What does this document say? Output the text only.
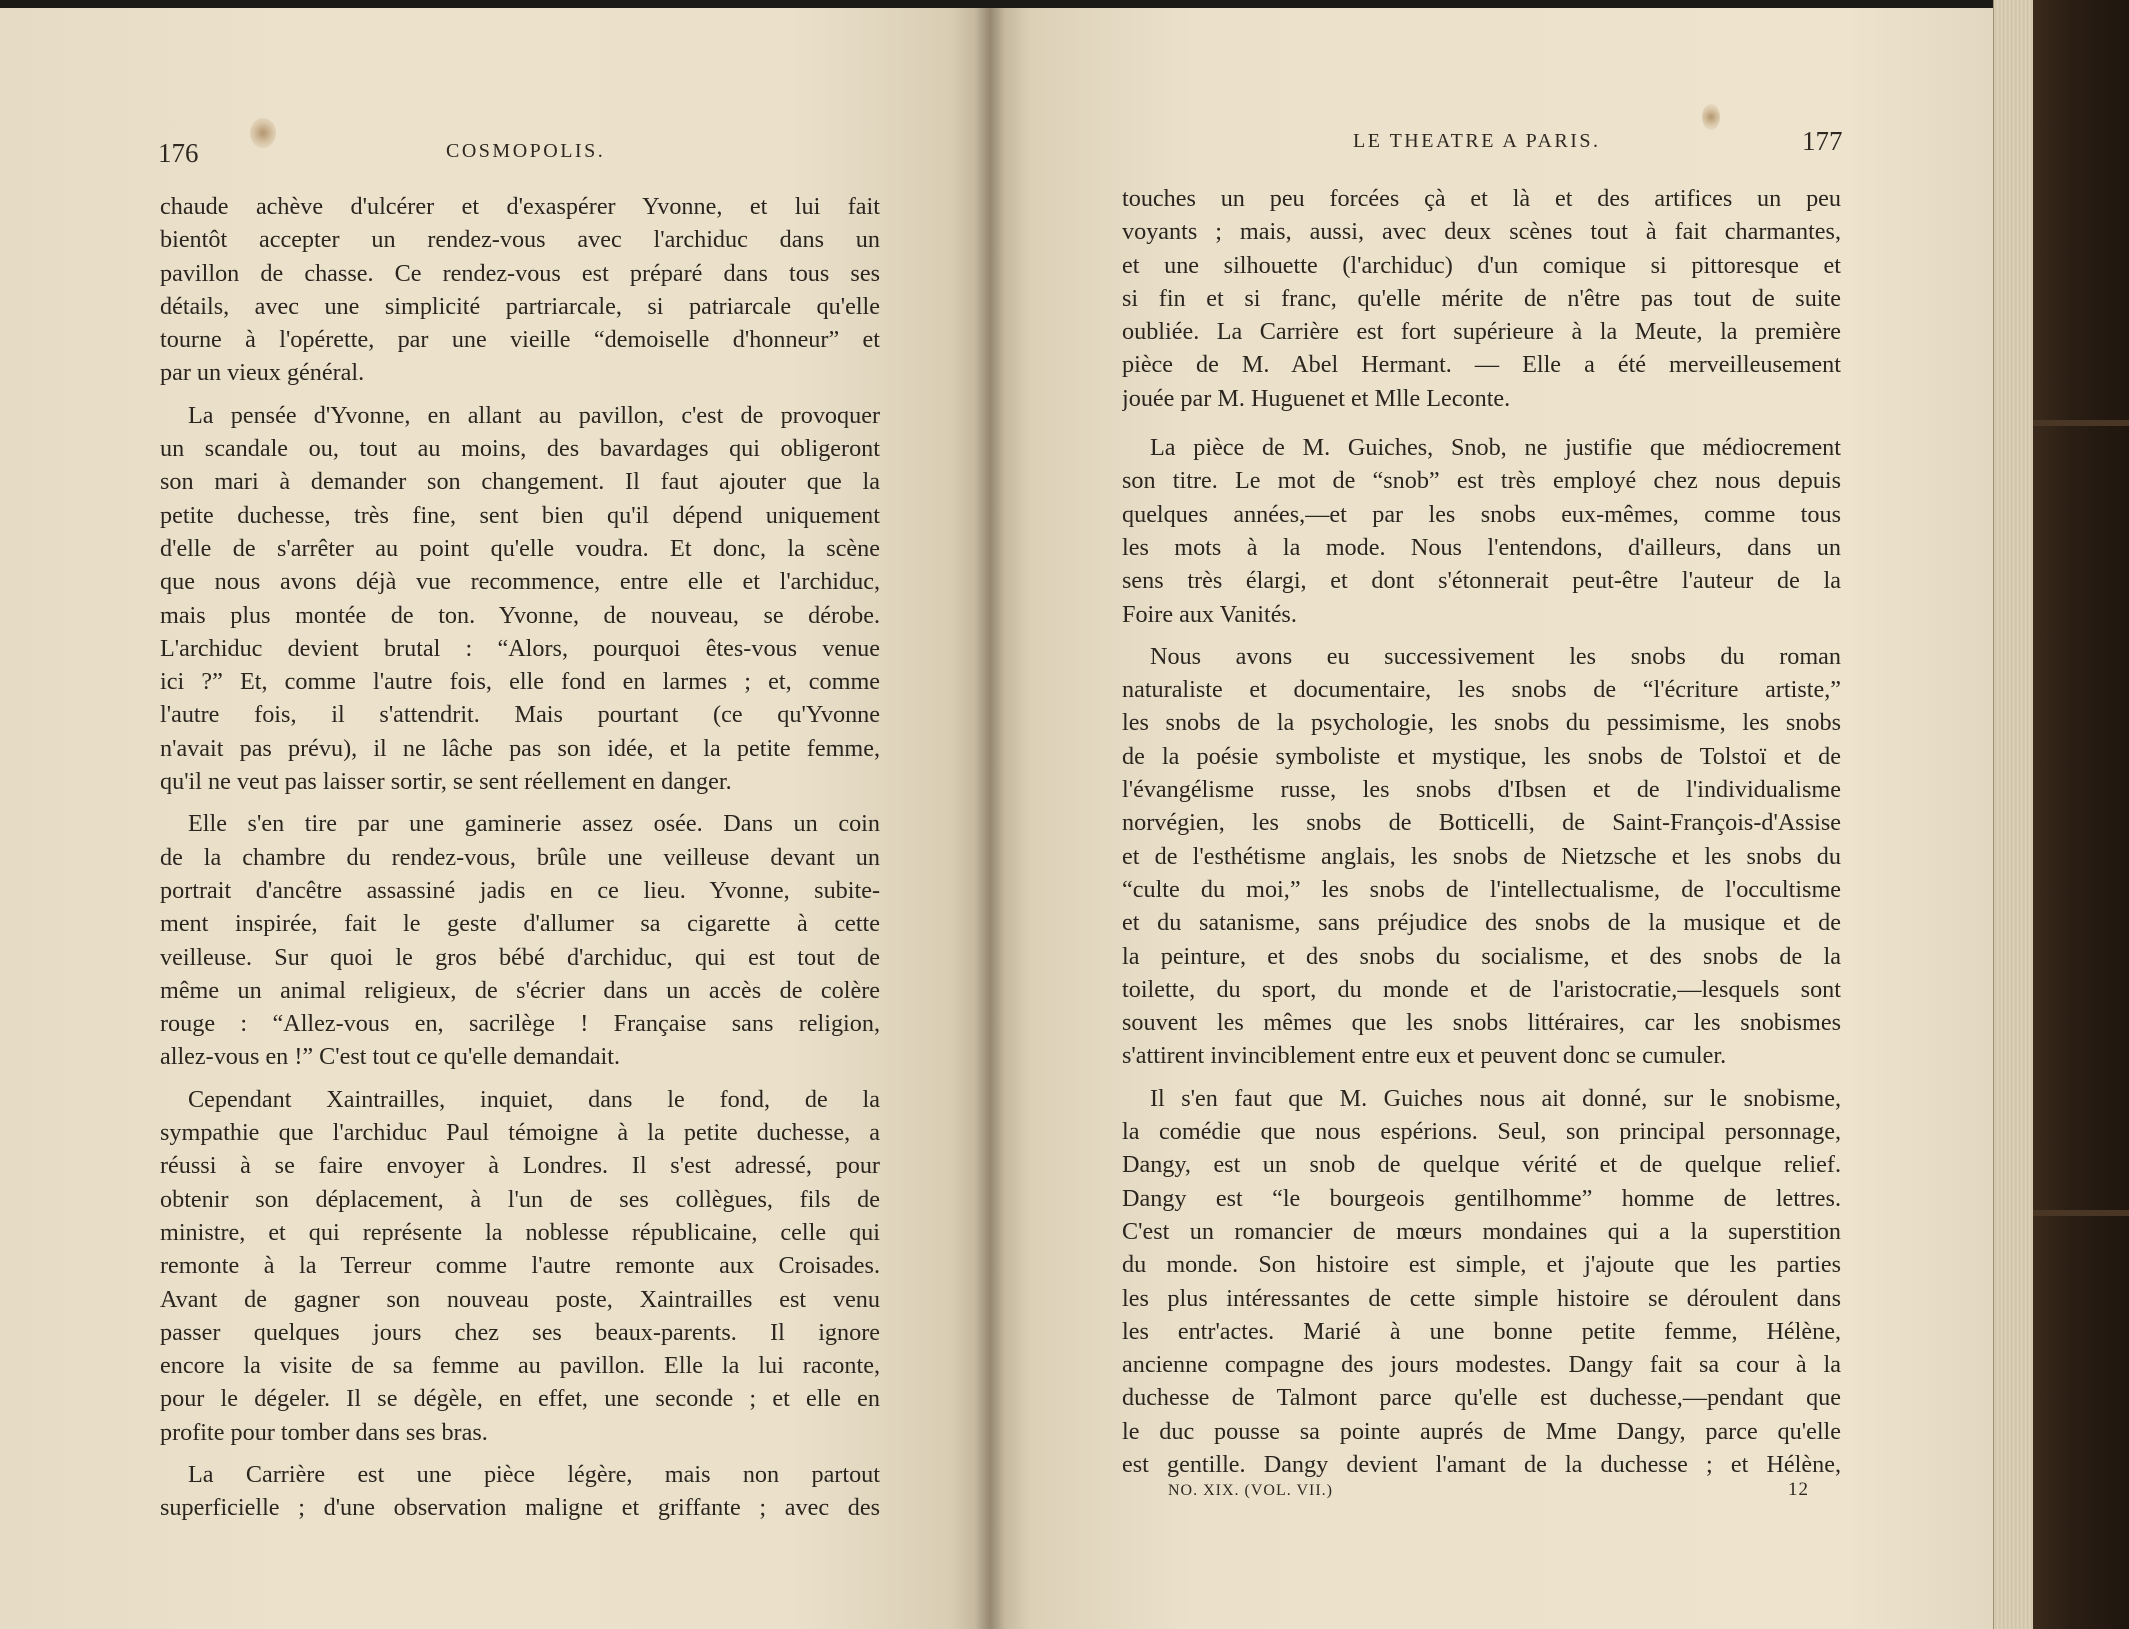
176	COSMOPOLIS.	LE THEATRE A PARIS.	177
chaude achève d'ulcérer et d'exaspérer Yvonne, et lui fait
bientôt accepter un rendez-vous avec l'archiduc dans un
pavillon de chasse. Ce rendez-vous est préparé dans tous ses
détails, avec une simplicité partriarcale, si patriarcale qu'elle
tourne à l'opérette, par une vieille “demoiselle d'honneur” et
par un vieux général.
La pensée d'Yvonne, en allant au pavillon, c'est de provoquer
un scandale ou, tout au moins, des bavardages qui obligeront
son mari à demander son changement. Il faut ajouter que la
petite duchesse, très fine, sent bien qu'il dépend uniquement
d'elle de s'arrêter au point qu'elle voudra. Et donc, la scène
que nous avons déjà vue recommence, entre elle et l'archiduc,
mais plus montée de ton. Yvonne, de nouveau, se dérobe.
L'archiduc devient brutal : “Alors, pourquoi êtes-vous venue
ici ?” Et, comme l'autre fois, elle fond en larmes ; et, comme
l'autre fois, il s'attendrit. Mais pourtant (ce qu'Yvonne
n'avait pas prévu), il ne lâche pas son idée, et la petite femme,
qu'il ne veut pas laisser sortir, se sent réellement en danger.
Elle s'en tire par une gaminerie assez osée. Dans un coin
de la chambre du rendez-vous, brûle une veilleuse devant un
portrait d'ancêtre assassiné jadis en ce lieu. Yvonne, subite-
ment inspirée, fait le geste d'allumer sa cigarette à cette
veilleuse. Sur quoi le gros bébé d'archiduc, qui est tout de
même un animal religieux, de s'écrier dans un accès de colère
rouge : “Allez-vous en, sacrilège ! Française sans religion,
allez-vous en !” C'est tout ce qu'elle demandait.
Cependant Xaintrailles, inquiet, dans le fond, de la
sympathie que l'archiduc Paul témoigne à la petite duchesse, a
réussi à se faire envoyer à Londres. Il s'est adressé, pour
obtenir son déplacement, à l'un de ses collègues, fils de
ministre, et qui représente la noblesse républicaine, celle qui
remonte à la Terreur comme l'autre remonte aux Croisades.
Avant de gagner son nouveau poste, Xaintrailles est venu
passer quelques jours chez ses beaux-parents. Il ignore
encore la visite de sa femme au pavillon. Elle la lui raconte,
pour le dégeler. Il se dégèle, en effet, une seconde ; et elle en
profite pour tomber dans ses bras.
La Carrière est une pièce légère, mais non partout
superficielle ; d'une observation maligne et griffante ; avec des
touches un peu forcées çà et là et des artifices un peu
voyants ; mais, aussi, avec deux scènes tout à fait charmantes,
et une silhouette (l'archiduc) d'un comique si pittoresque et
si fin et si franc, qu'elle mérite de n'être pas tout de suite
oubliée. La Carrière est fort supérieure à la Meute, la première
pièce de M. Abel Hermant. — Elle a été merveilleusement
jouée par M. Huguenet et Mlle Leconte.
La pièce de M. Guiches, Snob, ne justifie que médiocrement
son titre. Le mot de “snob” est très employé chez nous depuis
quelques années,—et par les snobs eux-mêmes, comme tous
les mots à la mode. Nous l'entendons, d'ailleurs, dans un
sens très élargi, et dont s'étonnerait peut-être l'auteur de la
Foire aux Vanités.
Nous avons eu successivement les snobs du roman
naturaliste et documentaire, les snobs de “l'écriture artiste,”
les snobs de la psychologie, les snobs du pessimisme, les snobs
de la poésie symboliste et mystique, les snobs de Tolstoï et de
l'évangélisme russe, les snobs d'Ibsen et de l'individualisme
norvégien, les snobs de Botticelli, de Saint-François-d'Assise
et de l'esthétisme anglais, les snobs de Nietzsche et les snobs du
“culte du moi,” les snobs de l'intellectualisme, de l'occultisme
et du satanisme, sans préjudice des snobs de la musique et de
la peinture, et des snobs du socialisme, et des snobs de la
toilette, du sport, du monde et de l'aristocratie,—lesquels sont
souvent les mêmes que les snobs littéraires, car les snobismes
s'attirent invinciblement entre eux et peuvent donc se cumuler.
Il s'en faut que M. Guiches nous ait donné, sur le snobisme,
la comédie que nous espérions. Seul, son principal personnage,
Dangy, est un snob de quelque vérité et de quelque relief.
Dangy est “le bourgeois gentilhomme” homme de lettres.
C'est un romancier de mœurs mondaines qui a la superstition
du monde. Son histoire est simple, et j'ajoute que les parties
les plus intéressantes de cette simple histoire se déroulent dans
les entr'actes. Marié à une bonne petite femme, Hélène,
ancienne compagne des jours modestes. Dangy fait sa cour à la
duchesse de Talmont parce qu'elle est duchesse,—pendant que
le duc pousse sa pointe auprés de Mme Dangy, parce qu'elle
est gentille. Dangy devient l'amant de la duchesse ; et Hélène,
NO. XIX. (VOL. VII.)	12
